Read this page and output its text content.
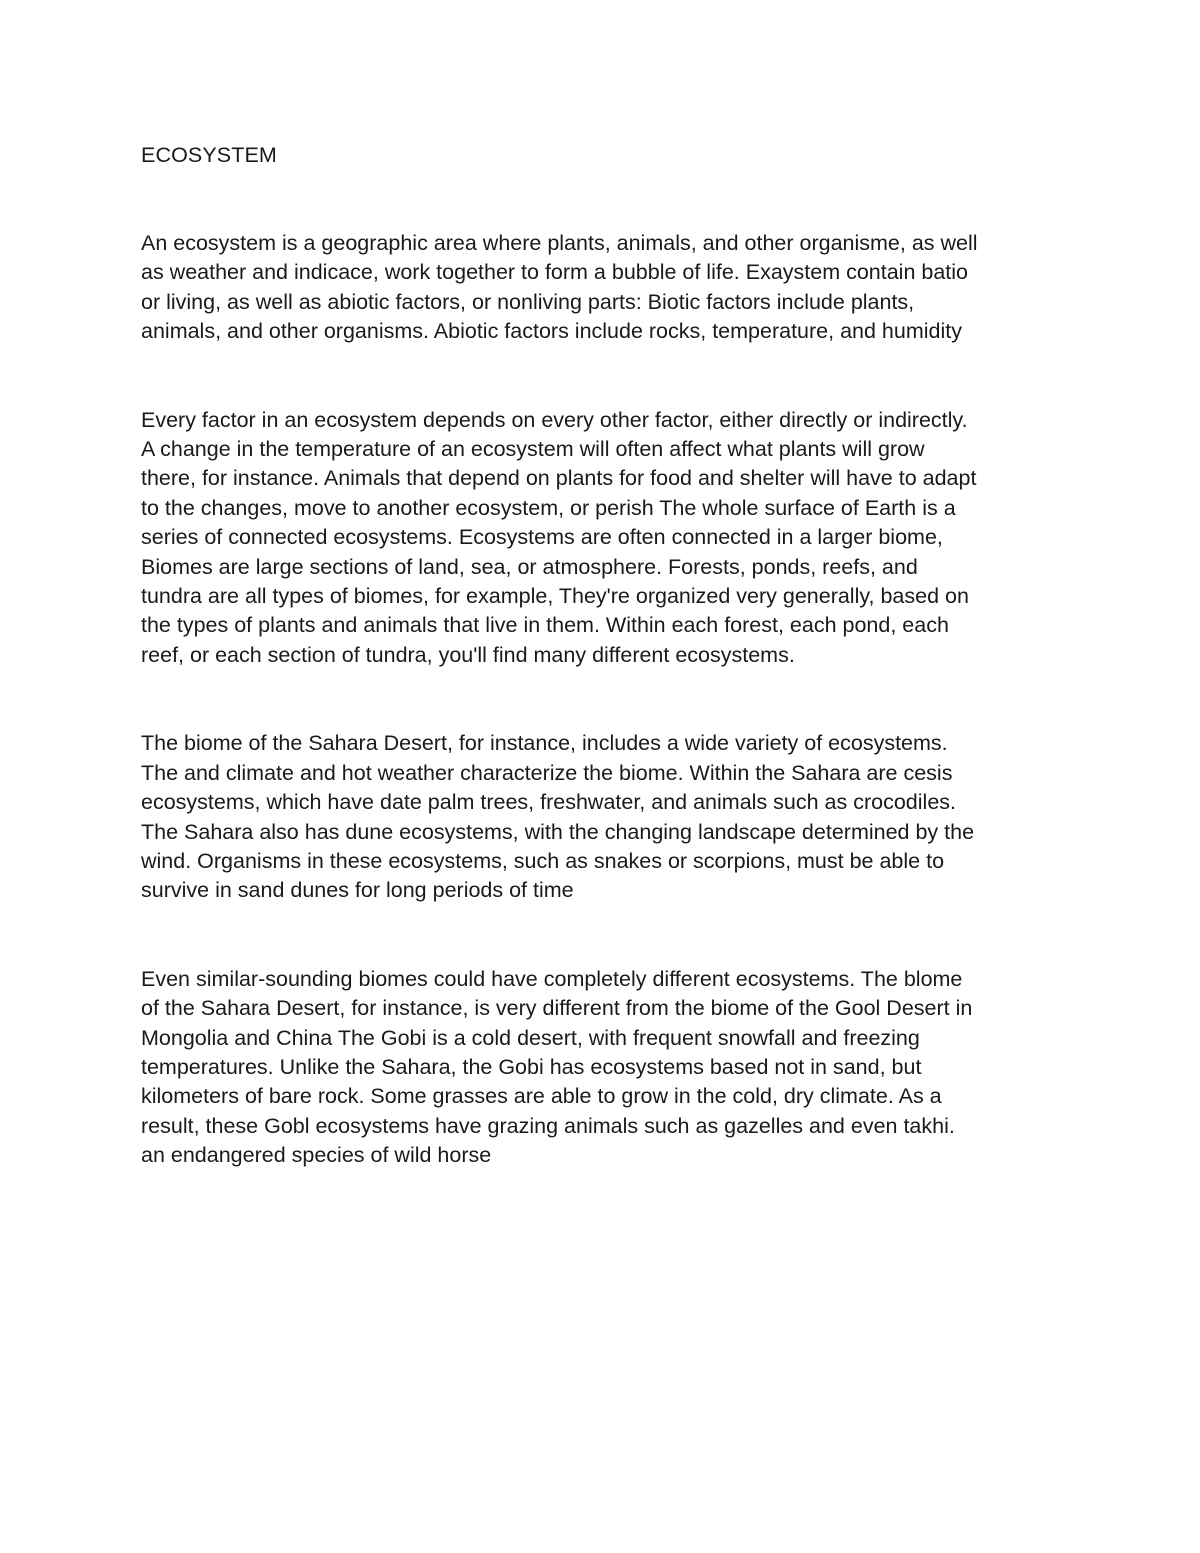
ECOSYSTEM

An ecosystem is a geographic area where plants, animals, and other organisme, as well
as weather and indicace, work together to form a bubble of life. Exaystem contain batio
or living, as well as abiotic factors, or nonliving parts: Biotic factors include plants,
animals, and other organisms. Abiotic factors include rocks, temperature, and humidity

Every factor in an ecosystem depends on every other factor, either directly or indirectly.
A change in the temperature of an ecosystem will often affect what plants will grow
there, for instance. Animals that depend on plants for food and shelter will have to adapt
to the changes, move to another ecosystem, or perish The whole surface of Earth is a
series of connected ecosystems. Ecosystems are often connected in a larger biome,
Biomes are large sections of land, sea, or atmosphere. Forests, ponds, reefs, and
tundra are all types of biomes, for example, They're organized very generally, based on
the types of plants and animals that live in them. Within each forest, each pond, each
reef, or each section of tundra, you'll find many different ecosystems.

The biome of the Sahara Desert, for instance, includes a wide variety of ecosystems.
The and climate and hot weather characterize the biome. Within the Sahara are cesis
ecosystems, which have date palm trees, freshwater, and animals such as crocodiles.
The Sahara also has dune ecosystems, with the changing landscape determined by the
wind. Organisms in these ecosystems, such as snakes or scorpions, must be able to
survive in sand dunes for long periods of time

Even similar-sounding biomes could have completely different ecosystems. The blome
of the Sahara Desert, for instance, is very different from the biome of the Gool Desert in
Mongolia and China The Gobi is a cold desert, with frequent snowfall and freezing
temperatures. Unlike the Sahara, the Gobi has ecosystems based not in sand, but
kilometers of bare rock. Some grasses are able to grow in the cold, dry climate. As a
result, these Gobl ecosystems have grazing animals such as gazelles and even takhi.
an endangered species of wild horse
